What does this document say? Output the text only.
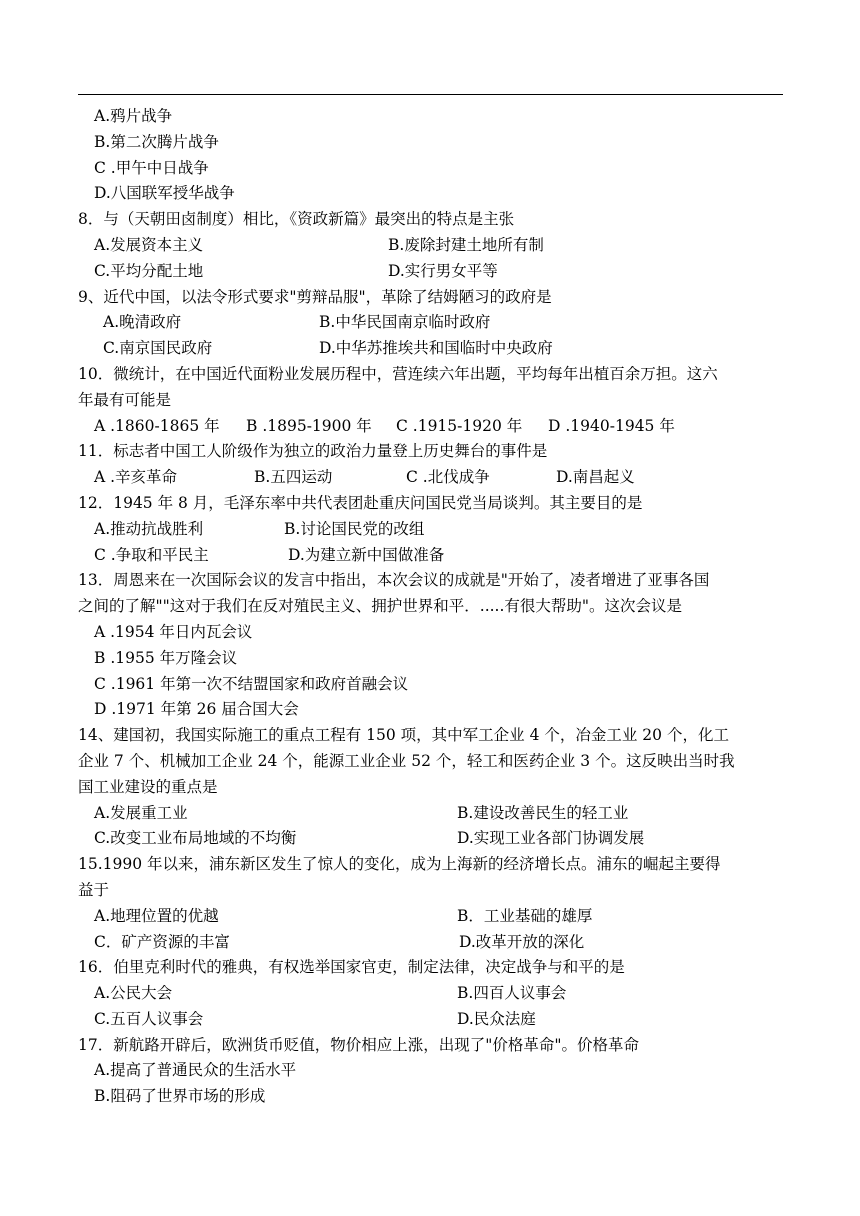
A.鸦片战争
B.第二次腾片战争
C .甲午中日战争
D.八国联军授华战争
8．与（天朝田卤制度）相比，《资政新篇》最突出的特点是主张
A.发展资本主义	B.废除封建土地所有制
C.平均分配土地	D.实行男女平等
9、近代中国，以法令形式要求"剪辩品服"，革除了结姆陋习的政府是
A.晚清政府	B.中华民国南京临时政府
C.南京国民政府	D.中华苏推埃共和国临时中央政府
10．微统计，在中国近代面粉业发展历程中，营连续六年出题，平均每年出植百余万担。这六
年最有可能是
A .1860-1865 年	B .1895-1900 年	C .1915-1920 年	D .1940-1945 年
11．标志者中国工人阶级作为独立的政治力量登上历史舞台的事件是
A .辛亥革命	B.五四运动	C .北伐成争	D.南昌起义
12．1945 年 8 月，毛泽东率中共代表团赴重庆问国民党当局谈判。其主要目的是
A.推动抗战胜利	B.讨论国民党的改组
C .争取和平民主	D.为建立新中国做准备
13．周恩来在一次国际会议的发言中指出，本次会议的成就是"开始了，凌者增进了亚事各国
之间的了解""这对于我们在反对殖民主义、拥护世界和平．.....有很大帮助"。这次会议是
A .1954 年日内瓦会议
B .1955 年万隆会议
C .1961 年第一次不结盟国家和政府首融会议
D .1971 年第 26 届合国大会
14、建国初，我国实际施工的重点工程有 150 项，其中军工企业 4 个，冶金工业 20 个，化工
企业 7 个、机械加工企业 24 个，能源工业企业 52 个，轻工和医药企业 3 个。这反映出当时我
国工业建设的重点是
A.发展重工业	B.建设改善民生的轻工业
C.改变工业布局地域的不均衡	D.实现工业各部门协调发展
15.1990 年以来，浦东新区发生了惊人的变化，成为上海新的经济增长点。浦东的崛起主要得
益于
A.地理位置的优越	B．工业基础的雄厚
C．矿产资源的丰富	D.改革开放的深化
16．伯里克利时代的雅典，有权选举国家官吏，制定法律，决定战争与和平的是
A.公民大会	B.四百人议事会
C.五百人议事会	D.民众法庭
17．新航路开辟后，欧洲货币贬值，物价相应上涨，出现了"价格革命"。价格革命
A.提高了普通民众的生活水平
B.阻码了世界市场的形成
